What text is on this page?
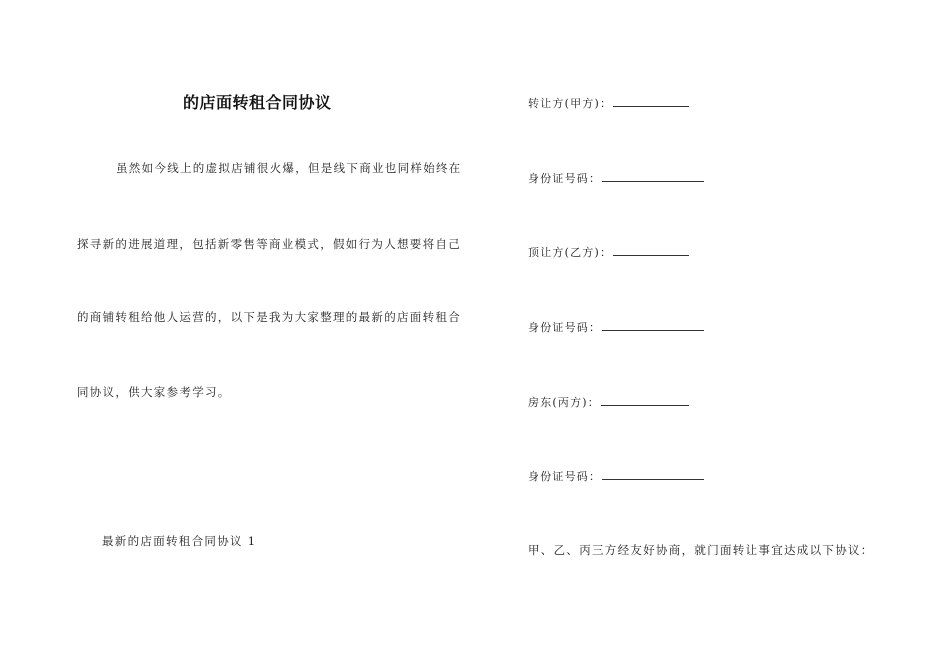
的店面转租合同协议
虽然如今线上的虚拟店铺很火爆，但是线下商业也同样始终在
探寻新的进展道理，包括新零售等商业模式，假如行为人想要将自己
的商铺转租给他人运营的，以下是我为大家整理的最新的店面转租合
同协议，供大家参考学习。
最新的店面转租合同协议 1
转让方(甲方)：
身份证号码：
顶让方(乙方)：
身份证号码：
房东(丙方)：
身份证号码：
甲、乙、丙三方经友好协商，就门面转让事宜达成以下协议：
